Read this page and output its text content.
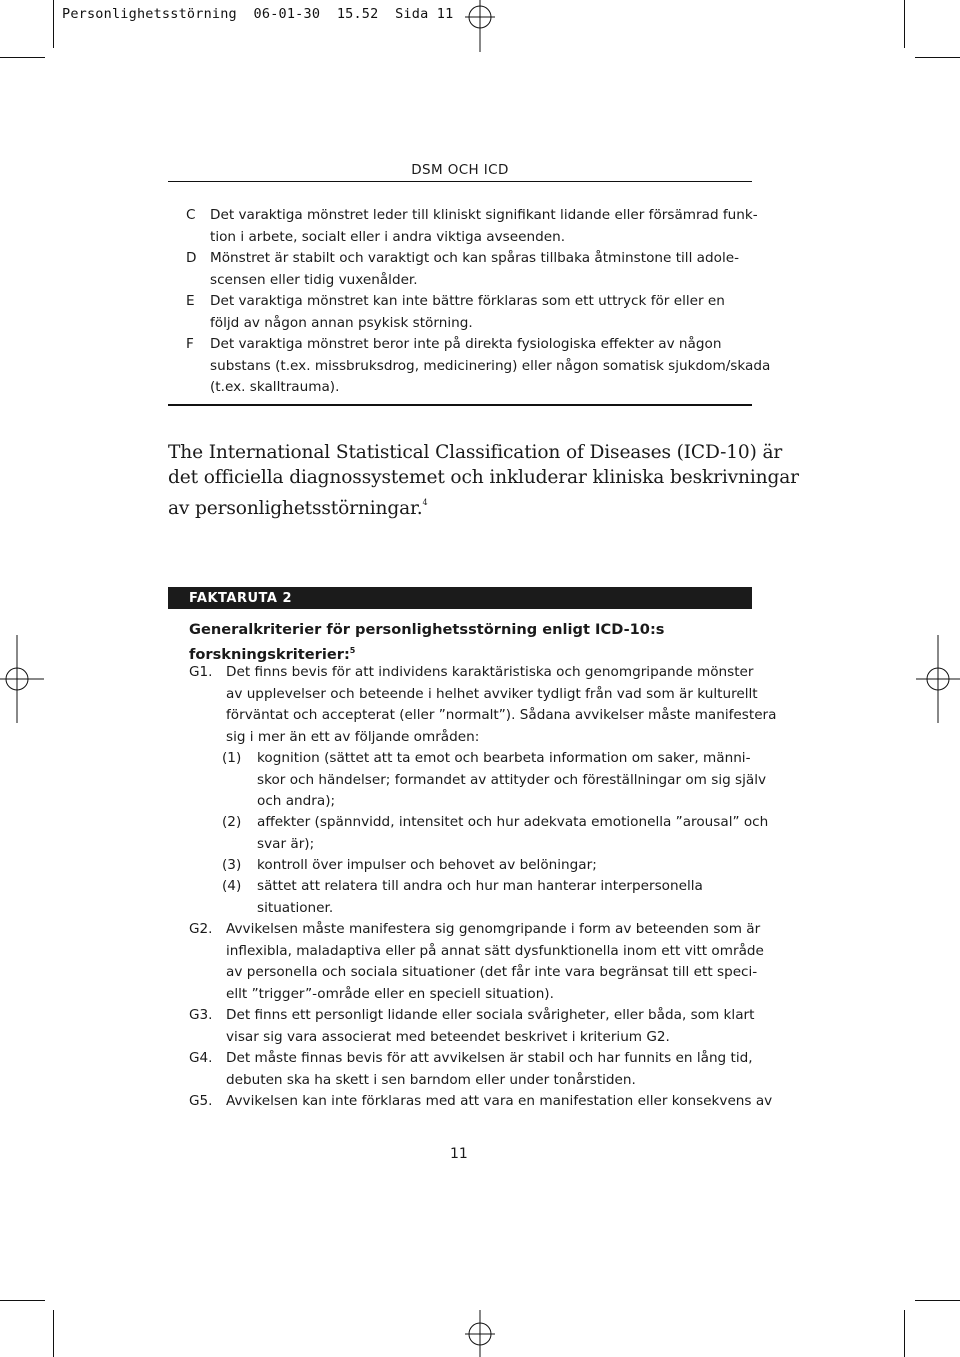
Personlighetsstörning  06-01-30  15.52  Sida 11
DSM OCH ICD
C	Det varaktiga mönstret leder till kliniskt signifikant lidande eller försämrad funk-
tion i arbete, socialt eller i andra viktiga avseenden.
D Mönstret är stabilt och varaktigt och kan spåras tillbaka åtminstone till adole-
scensen eller tidig vuxenålder.
E	Det varaktiga mönstret kan inte bättre förklaras som ett uttryck för eller en
följd av någon annan psykisk störning.
F	Det varaktiga mönstret beror inte på direkta fysiologiska effekter av någon
substans (t.ex. missbruksdrog, medicinering) eller någon somatisk sjukdom/skada
(t.ex. skalltrauma).
The International Statistical Classification of Diseases (ICD-10) är
det officiella diagnossystemet och inkluderar kliniska beskrivningar
av personlighetsstörningar.$^4$
FAKTARUTA 2
Generalkriterier för personlighetsstörning enligt ICD-10:s
forskningskriterier:$^5$
G1. Det finns bevis för att individens karaktäristiska och genomgripande mönster
av upplevelser och beteende i helhet avviker tydligt från vad som är kulturellt
förväntat och accepterat (eller ”normalt”). Sådana avvikelser måste manifestera
sig i mer än ett av följande områden:
(1)	kognition (sättet att ta emot och bearbeta information om saker, männi-
skor och händelser; formandet av attityder och föreställningar om sig själv
och andra);
(2)	affekter (spännvidd, intensitet och hur adekvata emotionella ”arousal” och
svar är);
(3)	kontroll över impulser och behovet av belöningar;
(4)	sättet att relatera till andra och hur man hanterar interpersonella
situationer.
G2. Avvikelsen måste manifestera sig genomgripande i form av beteenden som är
inflexibla, maladaptiva eller på annat sätt dysfunktionella inom ett vitt område
av personella och sociala situationer (det får inte vara begränsat till ett speci-
ellt ”trigger”-område eller en speciell situation).
G3. Det finns ett personligt lidande eller sociala svårigheter, eller båda, som klart
visar sig vara associerat med beteendet beskrivet i kriterium G2.
G4. Det måste finnas bevis för att avvikelsen är stabil och har funnits en lång tid,
debuten ska ha skett i sen barndom eller under tonårstiden.
G5. Avvikelsen kan inte förklaras med att vara en manifestation eller konsekvens av
11
